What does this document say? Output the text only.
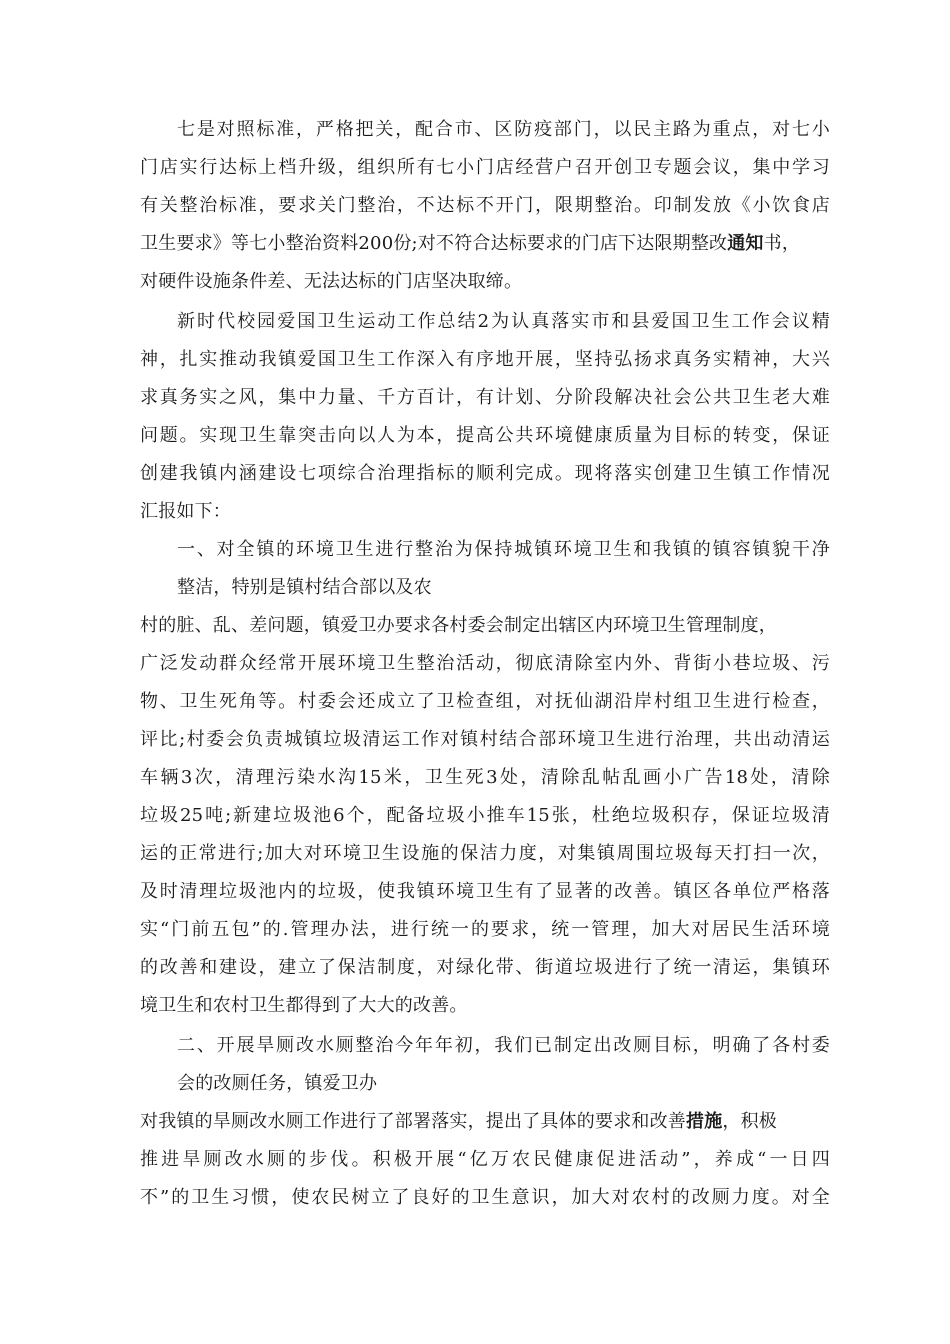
七是对照标准，严格把关，配合市、区防疫部门，以民主路为重点，对七小
门店实行达标上档升级，组织所有七小门店经营户召开创卫专题会议，集中学习
有关整治标准，要求关门整治，不达标不开门，限期整治。印制发放《小饮食店
卫生要求》等七小整治资料200份;对不符合达标要求的门店下达限期整改通知书，
对硬件设施条件差、无法达标的门店坚决取缔。
新时代校园爱国卫生运动工作总结2为认真落实市和县爱国卫生工作会议精
神，扎实推动我镇爱国卫生工作深入有序地开展，坚持弘扬求真务实精神，大兴
求真务实之风，集中力量、千方百计，有计划、分阶段解决社会公共卫生老大难
问题。实现卫生靠突击向以人为本，提高公共环境健康质量为目标的转变，保证
创建我镇内涵建设七项综合治理指标的顺利完成。现将落实创建卫生镇工作情况
汇报如下：
一、对全镇的环境卫生进行整治为保持城镇环境卫生和我镇的镇容镇貌干净
整洁，特别是镇村结合部以及农
村的脏、乱、差问题，镇爱卫办要求各村委会制定出辖区内环境卫生管理制度，
广泛发动群众经常开展环境卫生整治活动，彻底清除室内外、背街小巷垃圾、污
物、卫生死角等。村委会还成立了卫检查组，对抚仙湖沿岸村组卫生进行检查，
评比;村委会负责城镇垃圾清运工作对镇村结合部环境卫生进行治理，共出动清运
车辆3次，清理污染水沟15米，卫生死3处，清除乱帖乱画小广告18处，清除
垃圾25吨;新建垃圾池6个，配备垃圾小推车15张，杜绝垃圾积存，保证垃圾清
运的正常进行;加大对环境卫生设施的保洁力度，对集镇周围垃圾每天打扫一次，
及时清理垃圾池内的垃圾，使我镇环境卫生有了显著的改善。镇区各单位严格落
实“门前五包”的.管理办法，进行统一的要求，统一管理，加大对居民生活环境
的改善和建设，建立了保洁制度，对绿化带、街道垃圾进行了统一清运，集镇环
境卫生和农村卫生都得到了大大的改善。
二、开展旱厕改水厕整治今年年初，我们已制定出改厕目标，明确了各村委
会的改厕任务，镇爱卫办
对我镇的旱厕改水厕工作进行了部署落实，提出了具体的要求和改善措施，积极
推进旱厕改水厕的步伐。积极开展“亿万农民健康促进活动”，养成“一日四
不”的卫生习惯，使农民树立了良好的卫生意识，加大对农村的改厕力度。对全
